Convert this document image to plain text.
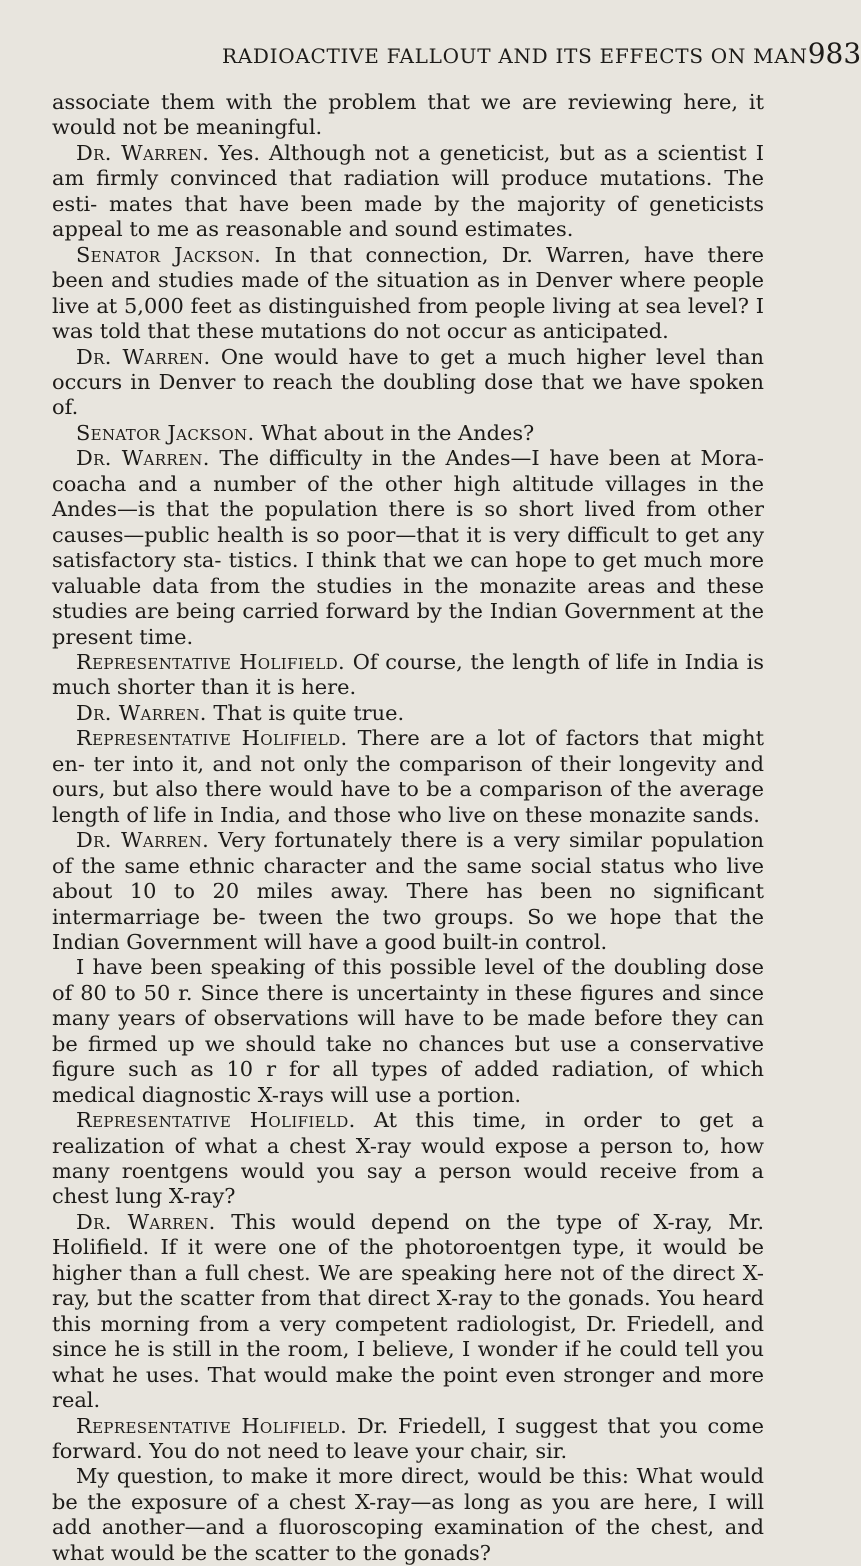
RADIOACTIVE FALLOUT AND ITS EFFECTS ON MAN 983

associate them with the problem that we are reviewing here, it would not be meaningful.

Dr. Warren. Yes. Although not a geneticist, but as a scientist I am firmly convinced that radiation will produce mutations. The esti- mates that have been made by the majority of geneticists appeal to me as reasonable and sound estimates.

Senator Jackson. In that connection, Dr. Warren, have there been and studies made of the situation as in Denver where people live at 5,000 feet as distinguished from people living at sea level? I was told that these mutations do not occur as anticipated.

Dr. Warren. One would have to get a much higher level than occurs in Denver to reach the doubling dose that we have spoken of.

Senator Jackson. What about in the Andes?

Dr. Warren. The difficulty in the Andes—I have been at Mora- coacha and a number of the other high altitude villages in the Andes—is that the population there is so short lived from other causes—public health is so poor—that it is very difficult to get any satisfactory sta- tistics. I think that we can hope to get much more valuable data from the studies in the monazite areas and these studies are being carried forward by the Indian Government at the present time.

Representative Holifield. Of course, the length of life in India is much shorter than it is here.

Dr. Warren. That is quite true.

Representative Holifield. There are a lot of factors that might en- ter into it, and not only the comparison of their longevity and ours, but also there would have to be a comparison of the average length of life in India, and those who live on these monazite sands.

Dr. Warren. Very fortunately there is a very similar population of the same ethnic character and the same social status who live about 10 to 20 miles away. There has been no significant intermarriage be- tween the two groups. So we hope that the Indian Government will have a good built-in control.

I have been speaking of this possible level of the doubling dose of 80 to 50 r. Since there is uncertainty in these figures and since many years of observations will have to be made before they can be firmed up we should take no chances but use a conservative figure such as 10 r for all types of added radiation, of which medical diagnostic X-rays will use a portion.

Representative Holifield. At this time, in order to get a realization of what a chest X-ray would expose a person to, how many roentgens would you say a person would receive from a chest lung X-ray?

Dr. Warren. This would depend on the type of X-ray, Mr. Holifield. If it were one of the photoroentgen type, it would be higher than a full chest. We are speaking here not of the direct X-ray, but the scatter from that direct X-ray to the gonads. You heard this morning from a very competent radiologist, Dr. Friedell, and since he is still in the room, I believe, I wonder if he could tell you what he uses. That would make the point even stronger and more real.

Representative Holifield. Dr. Friedell, I suggest that you come forward. You do not need to leave your chair, sir.

My question, to make it more direct, would be this: What would be the exposure of a chest X-ray—as long as you are here, I will add another—and a fluoroscoping examination of the chest, and what would be the scatter to the gonads?
